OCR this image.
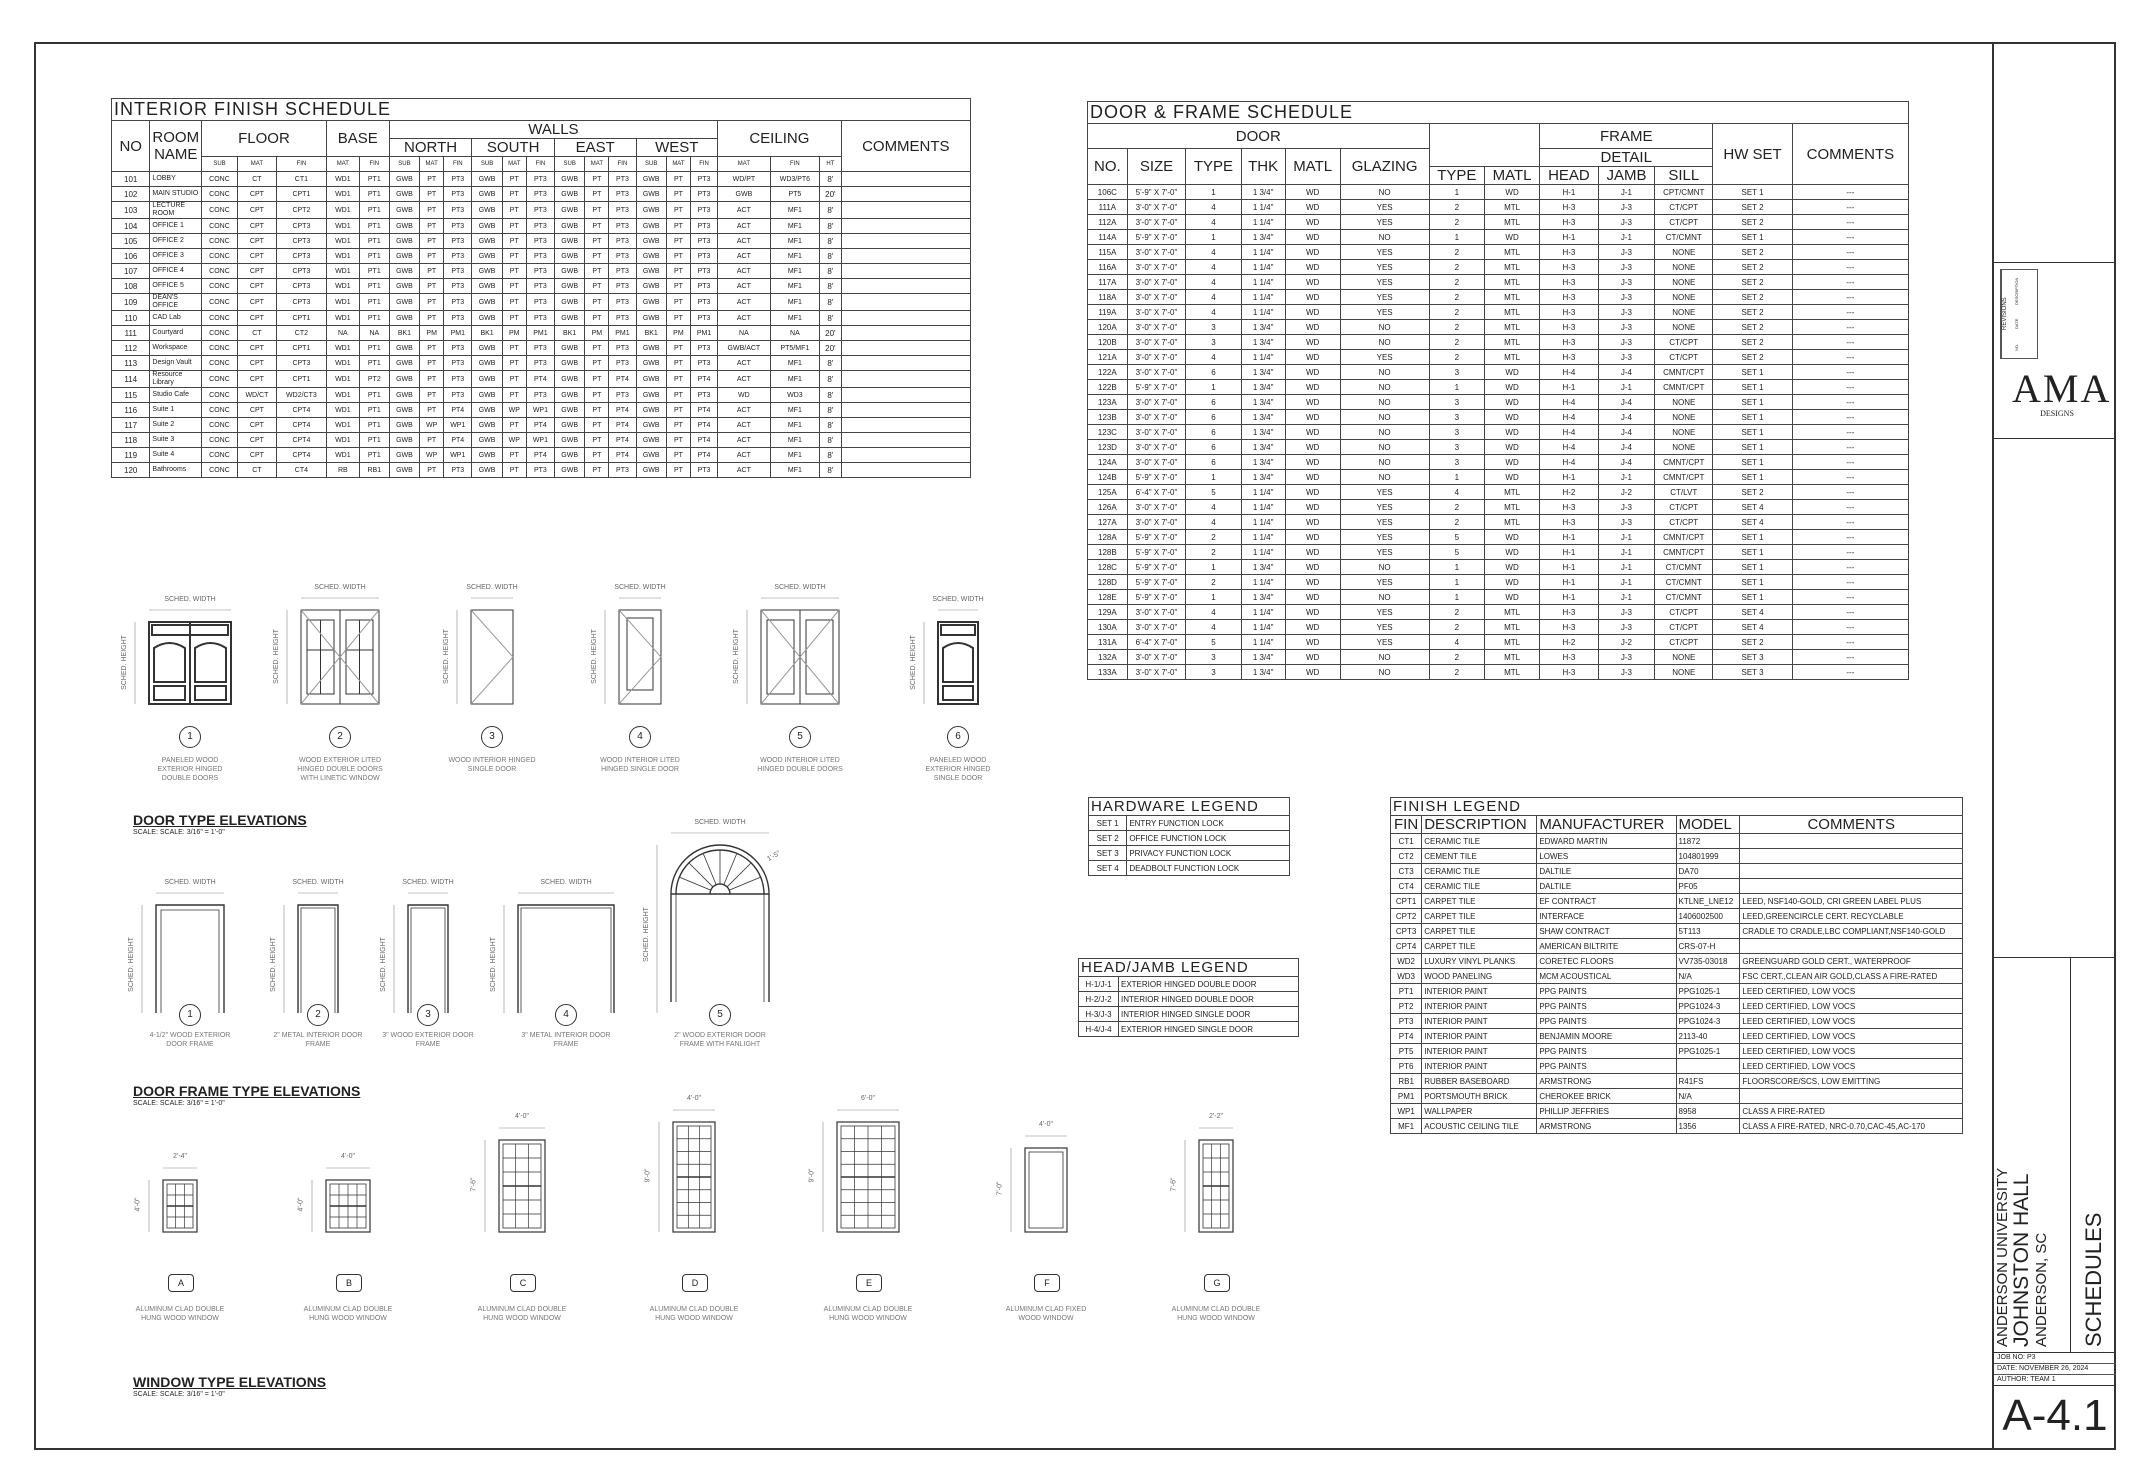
INTERIOR FINISH SCHEDULE																						
NO	ROOM NAME	FLOOR			BASE		WALLS												CEILING			COMMENTS
							NORTH			SOUTH			EAST			WEST						
		SUB	MAT	FIN	MAT	FIN	SUB	MAT	FIN	SUB	MAT	FIN	SUB	MAT	FIN	SUB	MAT	FIN	MAT	FIN	HT	
101	LOBBY	CONC	CT	CT1	WD1	PT1	GWB	PT	PT3	GWB	PT	PT3	GWB	PT	PT3	GWB	PT	PT3	WD/PT	WD3/PT6	8'	
102	MAIN STUDIO	CONC	CPT	CPT1	WD1	PT1	GWB	PT	PT3	GWB	PT	PT3	GWB	PT	PT3	GWB	PT	PT3	GWB	PT5	20'	
103	LECTURE ROOM	CONC	CPT	CPT2	WD1	PT1	GWB	PT	PT3	GWB	PT	PT3	GWB	PT	PT3	GWB	PT	PT3	ACT	MF1	8'	
104	OFFICE 1	CONC	CPT	CPT3	WD1	PT1	GWB	PT	PT3	GWB	PT	PT3	GWB	PT	PT3	GWB	PT	PT3	ACT	MF1	8'	
105	OFFICE 2	CONC	CPT	CPT3	WD1	PT1	GWB	PT	PT3	GWB	PT	PT3	GWB	PT	PT3	GWB	PT	PT3	ACT	MF1	8'	
106	OFFICE 3	CONC	CPT	CPT3	WD1	PT1	GWB	PT	PT3	GWB	PT	PT3	GWB	PT	PT3	GWB	PT	PT3	ACT	MF1	8'	
107	OFFICE 4	CONC	CPT	CPT3	WD1	PT1	GWB	PT	PT3	GWB	PT	PT3	GWB	PT	PT3	GWB	PT	PT3	ACT	MF1	8'	
108	OFFICE 5	CONC	CPT	CPT3	WD1	PT1	GWB	PT	PT3	GWB	PT	PT3	GWB	PT	PT3	GWB	PT	PT3	ACT	MF1	8'	
109	DEAN'S OFFICE	CONC	CPT	CPT3	WD1	PT1	GWB	PT	PT3	GWB	PT	PT3	GWB	PT	PT3	GWB	PT	PT3	ACT	MF1	8'	
110	CAD Lab	CONC	CPT	CPT1	WD1	PT1	GWB	PT	PT3	GWB	PT	PT3	GWB	PT	PT3	GWB	PT	PT3	ACT	MF1	8'	
111	Courtyard	CONC	CT	CT2	NA	NA	BK1	PM	PM1	BK1	PM	PM1	BK1	PM	PM1	BK1	PM	PM1	NA	NA	20'	
112	Workspace	CONC	CPT	CPT1	WD1	PT1	GWB	PT	PT3	GWB	PT	PT3	GWB	PT	PT3	GWB	PT	PT3	GWB/ACT	PT5/MF1	20'	
113	Design Vault	CONC	CPT	CPT3	WD1	PT1	GWB	PT	PT3	GWB	PT	PT3	GWB	PT	PT3	GWB	PT	PT3	ACT	MF1	8'	
114	Resource Library	CONC	CPT	CPT1	WD1	PT2	GWB	PT	PT3	GWB	PT	PT4	GWB	PT	PT4	GWB	PT	PT4	ACT	MF1	8'	
115	Studio Cafe	CONC	WD/CT	WD2/CT3	WD1	PT1	GWB	PT	PT3	GWB	PT	PT3	GWB	PT	PT3	GWB	PT	PT3	WD	WD3	8'	
116	Suite 1	CONC	CPT	CPT4	WD1	PT1	GWB	PT	PT4	GWB	WP	WP1	GWB	PT	PT4	GWB	PT	PT4	ACT	MF1	8'	
117	Suite 2	CONC	CPT	CPT4	WD1	PT1	GWB	WP	WP1	GWB	PT	PT4	GWB	PT	PT4	GWB	PT	PT4	ACT	MF1	8'	
118	Suite 3	CONC	CPT	CPT4	WD1	PT1	GWB	PT	PT4	GWB	WP	WP1	GWB	PT	PT4	GWB	PT	PT4	ACT	MF1	8'	
119	Suite 4	CONC	CPT	CPT4	WD1	PT1	GWB	WP	WP1	GWB	PT	PT4	GWB	PT	PT4	GWB	PT	PT4	ACT	MF1	8'	
120	Bathrooms	CONC	CT	CT4	RB	RB1	GWB	PT	PT3	GWB	PT	PT3	GWB	PT	PT3	GWB	PT	PT3	ACT	MF1	8'	
DOOR & FRAME SCHEDULE												
DOOR								FRAME			HW SET	COMMENTS
NO.	SIZE	TYPE	THK	MATL	GLAZING			DETAIL				
						TYPE	MATL	HEAD	JAMB	SILL		
106C	5'-9" X 7'-0"	1	1 3/4"	WD	NO	1	WD	H-1	J-1	CPT/CMNT	SET 1	---
111A	3'-0" X 7'-0"	4	1 1/4"	WD	YES	2	MTL	H-3	J-3	CT/CPT	SET 2	---
112A	3'-0" X 7'-0"	4	1 1/4"	WD	YES	2	MTL	H-3	J-3	CT/CPT	SET 2	---
114A	5'-9" X 7'-0"	1	1 3/4"	WD	NO	1	WD	H-1	J-1	CT/CMNT	SET 1	---
115A	3'-0" X 7'-0"	4	1 1/4"	WD	YES	2	MTL	H-3	J-3	NONE	SET 2	---
116A	3'-0" X 7'-0"	4	1 1/4"	WD	YES	2	MTL	H-3	J-3	NONE	SET 2	---
117A	3'-0" X 7'-0"	4	1 1/4"	WD	YES	2	MTL	H-3	J-3	NONE	SET 2	---
118A	3'-0" X 7'-0"	4	1 1/4"	WD	YES	2	MTL	H-3	J-3	NONE	SET 2	---
119A	3'-0" X 7'-0"	4	1 1/4"	WD	YES	2	MTL	H-3	J-3	NONE	SET 2	---
120A	3'-0" X 7'-0"	3	1 3/4"	WD	NO	2	MTL	H-3	J-3	NONE	SET 2	---
120B	3'-0" X 7'-0"	3	1 3/4"	WD	NO	2	MTL	H-3	J-3	CT/CPT	SET 2	---
121A	3'-0" X 7'-0"	4	1 1/4"	WD	YES	2	MTL	H-3	J-3	CT/CPT	SET 2	---
122A	3'-0" X 7'-0"	6	1 3/4"	WD	NO	3	WD	H-4	J-4	CMNT/CPT	SET 1	---
122B	5'-9" X 7'-0"	1	1 3/4"	WD	NO	1	WD	H-1	J-1	CMNT/CPT	SET 1	---
123A	3'-0" X 7'-0"	6	1 3/4"	WD	NO	3	WD	H-4	J-4	NONE	SET 1	---
123B	3'-0" X 7'-0"	6	1 3/4"	WD	NO	3	WD	H-4	J-4	NONE	SET 1	---
123C	3'-0" X 7'-0"	6	1 3/4"	WD	NO	3	WD	H-4	J-4	NONE	SET 1	---
123D	3'-0" X 7'-0"	6	1 3/4"	WD	NO	3	WD	H-4	J-4	NONE	SET 1	---
124A	3'-0" X 7'-0"	6	1 3/4"	WD	NO	3	WD	H-4	J-4	CMNT/CPT	SET 1	---
124B	5'-9" X 7'-0"	1	1 3/4"	WD	NO	1	WD	H-1	J-1	CMNT/CPT	SET 1	---
125A	6'-4" X 7'-0"	5	1 1/4"	WD	YES	4	MTL	H-2	J-2	CT/LVT	SET 2	---
126A	3'-0" X 7'-0"	4	1 1/4"	WD	YES	2	MTL	H-3	J-3	CT/CPT	SET 4	---
127A	3'-0" X 7'-0"	4	1 1/4"	WD	YES	2	MTL	H-3	J-3	CT/CPT	SET 4	---
128A	5'-9" X 7'-0"	2	1 1/4"	WD	YES	5	WD	H-1	J-1	CMNT/CPT	SET 1	---
128B	5'-9" X 7'-0"	2	1 1/4"	WD	YES	5	WD	H-1	J-1	CMNT/CPT	SET 1	---
128C	5'-9" X 7'-0"	1	1 3/4"	WD	NO	1	WD	H-1	J-1	CT/CMNT	SET 1	---
128D	5'-9" X 7'-0"	2	1 1/4"	WD	YES	1	WD	H-1	J-1	CT/CMNT	SET 1	---
128E	5'-9" X 7'-0"	1	1 3/4"	WD	NO	1	WD	H-1	J-1	CT/CMNT	SET 1	---
129A	3'-0" X 7'-0"	4	1 1/4"	WD	YES	2	MTL	H-3	J-3	CT/CPT	SET 4	---
130A	3'-0" X 7'-0"	4	1 1/4"	WD	YES	2	MTL	H-3	J-3	CT/CPT	SET 4	---
131A	6'-4" X 7'-0"	5	1 1/4"	WD	YES	4	MTL	H-2	J-2	CT/CPT	SET 2	---
132A	3'-0" X 7'-0"	3	1 3/4"	WD	NO	2	MTL	H-3	J-3	NONE	SET 3	---
133A	3'-0" X 7'-0"	3	1 3/4"	WD	NO	2	MTL	H-3	J-3	NONE	SET 3	---
HARDWARE LEGEND	
SET 1	ENTRY FUNCTION LOCK
SET 2	OFFICE FUNCTION LOCK
SET 3	PRIVACY FUNCTION LOCK
SET 4	DEADBOLT FUNCTION LOCK
HEAD/JAMB LEGEND	
H-1/J-1	EXTERIOR HINGED DOUBLE DOOR
H-2/J-2	INTERIOR HINGED DOUBLE DOOR
H-3/J-3	INTERIOR HINGED SINGLE DOOR
H-4/J-4	EXTERIOR HINGED SINGLE DOOR
FINISH LEGEND				
FIN	DESCRIPTION	MANUFACTURER	MODEL	COMMENTS
CT1	CERAMIC TILE	EDWARD MARTIN	11872	
CT2	CEMENT TILE	LOWES	104801999	
CT3	CERAMIC TILE	DALTILE	DA70	
CT4	CERAMIC TILE	DALTILE	PF05	
CPT1	CARPET TILE	EF CONTRACT	KTLNE_LNE12	LEED, NSF140-GOLD, CRI GREEN LABEL PLUS
CPT2	CARPET TILE	INTERFACE	1406002500	LEED,GREENCIRCLE CERT. RECYCLABLE
CPT3	CARPET TILE	SHAW CONTRACT	5T113	CRADLE TO CRADLE,LBC COMPLIANT,NSF140-GOLD
CPT4	CARPET TILE	AMERICAN BILTRITE	CRS-07-H	
WD2	LUXURY VINYL PLANKS	CORETEC FLOORS	VV735-03018	GREENGUARD GOLD CERT., WATERPROOF
WD3	WOOD PANELING	MCM ACOUSTICAL	N/A	FSC CERT.,CLEAN AIR GOLD,CLASS A FIRE-RATED
PT1	INTERIOR PAINT	PPG PAINTS	PPG1025-1	LEED CERTIFIED, LOW VOCS
PT2	INTERIOR PAINT	PPG PAINTS	PPG1024-3	LEED CERTIFIED, LOW VOCS
PT3	INTERIOR PAINT	PPG PAINTS	PPG1024-3	LEED CERTIFIED, LOW VOCS
PT4	INTERIOR PAINT	BENJAMIN MOORE	2113-40	LEED CERTIFIED, LOW VOCS
PT5	INTERIOR PAINT	PPG PAINTS	PPG1025-1	LEED CERTIFIED, LOW VOCS
PT6	INTERIOR PAINT	PPG PAINTS		LEED CERTIFIED, LOW VOCS
RB1	RUBBER BASEBOARD	ARMSTRONG	R41FS	FLOORSCORE/SCS, LOW EMITTING
PM1	PORTSMOUTH BRICK	CHEROKEE BRICK	N/A	
WP1	WALLPAPER	PHILLIP JEFFRIES	8958	CLASS A FIRE-RATED
MF1	ACOUSTIC CEILING TILE	ARMSTRONG	1356	CLASS A FIRE-RATED, NRC-0.70,CAC-45,AC-170
SCHED. WIDTH
SCHED. HEIGHT
1
PANELED WOOD EXTERIOR HINGED DOUBLE DOORS
SCHED. WIDTH
SCHED. HEIGHT
2
WOOD EXTERIOR LITED HINGED DOUBLE DOORS WITH LINETIC WINDOW
SCHED. WIDTH
SCHED. HEIGHT
3
WOOD INTERIOR HINGED SINGLE DOOR
SCHED. WIDTH
SCHED. HEIGHT
4
WOOD INTERIOR LITED HINGED SINGLE DOOR
SCHED. WIDTH
SCHED. HEIGHT
5
WOOD INTERIOR LITED HINGED DOUBLE DOORS
SCHED. WIDTH
SCHED. HEIGHT
6
PANELED WOOD EXTERIOR HINGED SINGLE DOOR
DOOR TYPE ELEVATIONS
SCALE: SCALE: 3/16" = 1'-0"
SCHED. WIDTH
SCHED. HEIGHT
1
4-1/2" WOOD EXTERIOR DOOR FRAME
SCHED. WIDTH
SCHED. HEIGHT
2
2" METAL INTERIOR DOOR FRAME
SCHED. WIDTH
SCHED. HEIGHT
3
3" WOOD EXTERIOR DOOR FRAME
SCHED. WIDTH
SCHED. HEIGHT
4
3" METAL INTERIOR DOOR FRAME
SCHED. WIDTH
SCHED. HEIGHT
1'-5"
5
2" WOOD EXTERIOR DOOR FRAME WITH FANLIGHT
DOOR FRAME TYPE ELEVATIONS
SCALE: SCALE: 3/16" = 1'-0"
2'-4"
4'-0"
A
ALUMINUM CLAD DOUBLE HUNG WOOD WINDOW
4'-0"
4'-0"
B
ALUMINUM CLAD DOUBLE HUNG WOOD WINDOW
4'-0"
7'-6"
C
ALUMINUM CLAD DOUBLE HUNG WOOD WINDOW
4'-0"
9'-0"
D
ALUMINUM CLAD DOUBLE HUNG WOOD WINDOW
6'-0"
9'-0"
E
ALUMINUM CLAD DOUBLE HUNG WOOD WINDOW
4'-0"
7'-0"
F
ALUMINUM CLAD FIXED WOOD WINDOW
2'-2"
7'-6"
G
ALUMINUM CLAD DOUBLE HUNG WOOD WINDOW
WINDOW TYPE ELEVATIONS
SCALE: SCALE: 3/16" = 1'-0"
REVISIONS
NO.
DATE
DESCRIPTION
AMA
DESIGNS
ANDERSON UNIVERSITY JOHNSTON HALL ANDERSON, SC	SCHEDULES
JOB NO: P3
DATE: NOVEMBER 26, 2024
AUTHOR: TEAM 1
A-4.1
